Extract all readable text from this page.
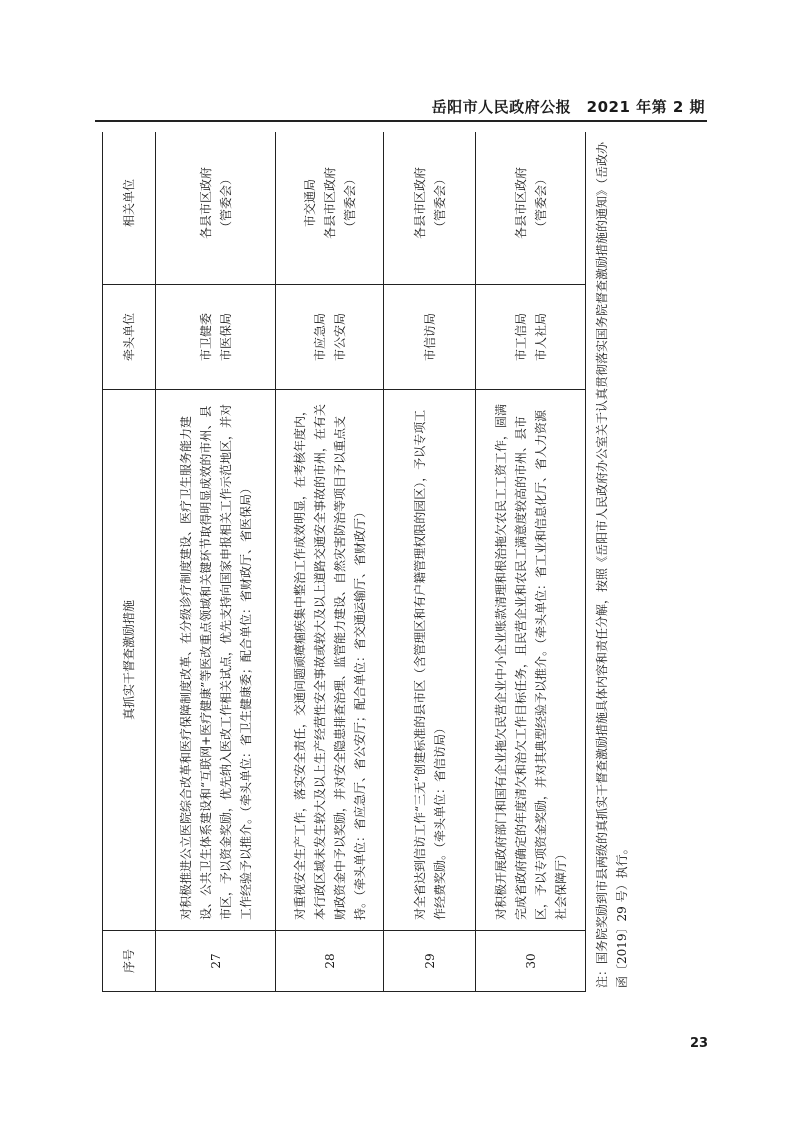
岳阳市人民政府公报　2021 年第 2 期
序号	真抓实干督查激励措施	牵头单位	相关单位
27	对积极推进公立医院综合改革和医疗保障制度改革、在分级诊疗制度建设、医疗卫生服务能力建设、公共卫生体系建设和“互联网+医疗健康”等医改重点领域和关键环节取得明显成效的市州、县市区，予以资金奖励，优先纳入医改工作相关试点，优先支持向国家申报相关工作示范地区，并对工作经验予以推介。（牵头单位：省卫生健康委；配合单位：省财政厅、省医保局）	市卫健委 市医保局	各县市区政府 （管委会）

28	对重视安全生产工作，落实安全责任，交通问题顽瘴痼疾集中整治工作成效明显，在考核年度内，本行政区域未发生较大及以上生产经营性安全事故或较大及以上道路交通安全事故的市州，在有关财政资金中予以奖励，并对安全隐患排查治理、监管能力建设、自然灾害防治等项目予以重点支持。（牵头单位：省应急厅、省公安厅；配合单位：省交通运输厅、省财政厅）	市应急局 市公安局	市交通局 各县市区政府 （管委会）

29	对全省达到信访工作“三无”创建标准的县市区（含管理区和有户籍管理权限的园区），予以专项工作经费奖励。（牵头单位：省信访局）	市信访局	各县市区政府 （管委会）

30	对积极开展政府部门和国有企业拖欠民营企业中小企业账款清理和根治拖欠农民工工资工作，圆满完成省政府确定的年度清欠和治欠工作目标任务，且民营企业和农民工满意度较高的市州、县市区，予以专项资金奖励，并对其典型经验予以推介。（牵头单位：省工业和信息化厅、省人力资源社会保障厅）	市工信局 市人社局	各县市区政府 （管委会）	注：国务院奖励到市县两级的真抓实干督查激励措施具体内容和责任分解，按照《岳阳市人民政府办公室关于认真贯彻落实国务院督查激励措施的通知》（岳政办函〔2019〕29 号）执行。
23
